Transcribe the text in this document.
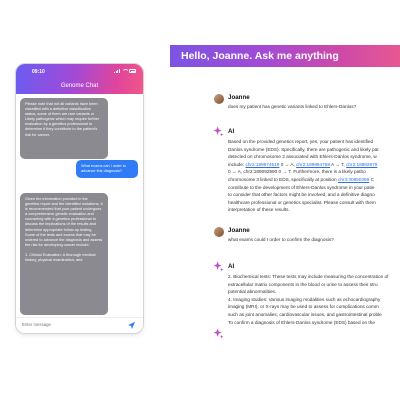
09:10
Genome Chat
Please note that not all variants have been classified with a definitive classification status, some of them are rare variants or Likely pathogenic which may require further evaluation by a genetics professional to determine if they contribute to the patient's risk for cancer.
What exams can I order to advance this diagnosis?

Given the information provided in the genetics report and the identified mutations, it is recommended that your patient undergoes a comprehensive genetic evaluation and counseling with a genetics professional to discuss the implications of the results and determine appropriate follow-up testing. Some of the tests and exams that may be ordered to advance the diagnosis and assess the risk for developing cancer include:

1. Clinical Evaluation: A thorough medical history, physical examination, and

Enter message
Hello, Joanne. Ask me anything
Joanne
does my patient has genetic variants linked to Ehlers-Danlos?
AI
Based on the provided genetics report, yes, your patient has identified
Danlos syndrome (EDS). Specifically, there are pathogenic and likely pat
detected on chromosome 2 associated with Ehlers-Danlos syndrome, w
include: chr2:189974519 0 → A, chr2:189894758 A → T, chr2:18992979
0 → A, chr2:189092990 0 → T. Furthermore, there is a likely patho
chromosome 3 linked to EDS, specifically at position chr3:30850369 C
contribute to the development of Ehlers-Danlos syndrome in your patie
to consider that other factors might be involved, and a definitive diagno
healthcare professional or genetics specialist. Please consult with them
interpretation of these results.
Joanne
what exams could I order to confirm the diagnosis?
AI
2. Biochemical tests: These tests may include measuring the concentration of
extracellular matrix components in the blood or urine to assess their stru
potential abnormalities.
4. Imaging studies: Various imaging modalities such as echocardiography
imaging (MRI), or X-rays may be used to assess for complications comm
such as joint anomalies, cardiovascular issues, and gastrointestinal proble
To confirm a diagnosis of Ehlers-Danlos syndrome (EDS) based on the
